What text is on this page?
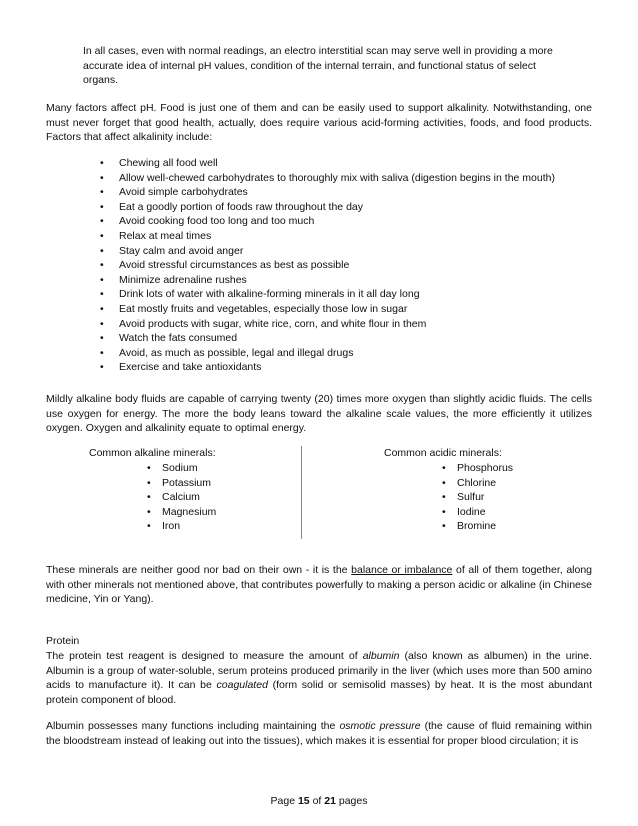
In all cases, even with normal readings, an electro interstitial scan may serve well in providing a more accurate idea of internal pH values, condition of the internal terrain, and functional status of select organs.

Many factors affect pH. Food is just one of them and can be easily used to support alkalinity. Notwithstanding, one must never forget that good health, actually, does require various acid-forming activities, foods, and food products. Factors that affect alkalinity include:

• Chewing all food well
• Allow well-chewed carbohydrates to thoroughly mix with saliva (digestion begins in the mouth)
• Avoid simple carbohydrates
• Eat a goodly portion of foods raw throughout the day
• Avoid cooking food too long and too much
• Relax at meal times
• Stay calm and avoid anger
• Avoid stressful circumstances as best as possible
• Minimize adrenaline rushes
• Drink lots of water with alkaline-forming minerals in it all day long
• Eat mostly fruits and vegetables, especially those low in sugar
• Avoid products with sugar, white rice, corn, and white flour in them
• Watch the fats consumed
• Avoid, as much as possible, legal and illegal drugs
• Exercise and take antioxidants

Mildly alkaline body fluids are capable of carrying twenty (20) times more oxygen than slightly acidic fluids. The cells use oxygen for energy. The more the body leans toward the alkaline scale values, the more efficiently it utilizes oxygen. Oxygen and alkalinity equate to optimal energy.

Common alkaline minerals:
• Sodium
• Potassium
• Calcium
• Magnesium
• Iron
Common acidic minerals:
• Phosphorus
• Chlorine
• Sulfur
• Iodine
• Bromine

These minerals are neither good nor bad on their own - it is the balance or imbalance of all of them together, along with other minerals not mentioned above, that contributes powerfully to making a person acidic or alkaline (in Chinese medicine, Yin or Yang).

Protein

The protein test reagent is designed to measure the amount of albumin (also known as albumen) in the urine. Albumin is a group of water-soluble, serum proteins produced primarily in the liver (which uses more than 500 amino acids to manufacture it). It can be coagulated (form solid or semisolid masses) by heat. It is the most abundant protein component of blood.

Albumin possesses many functions including maintaining the osmotic pressure (the cause of fluid remaining within the bloodstream instead of leaking out into the tissues), which makes it is essential for proper blood circulation; it is

Page 15 of 21 pages
